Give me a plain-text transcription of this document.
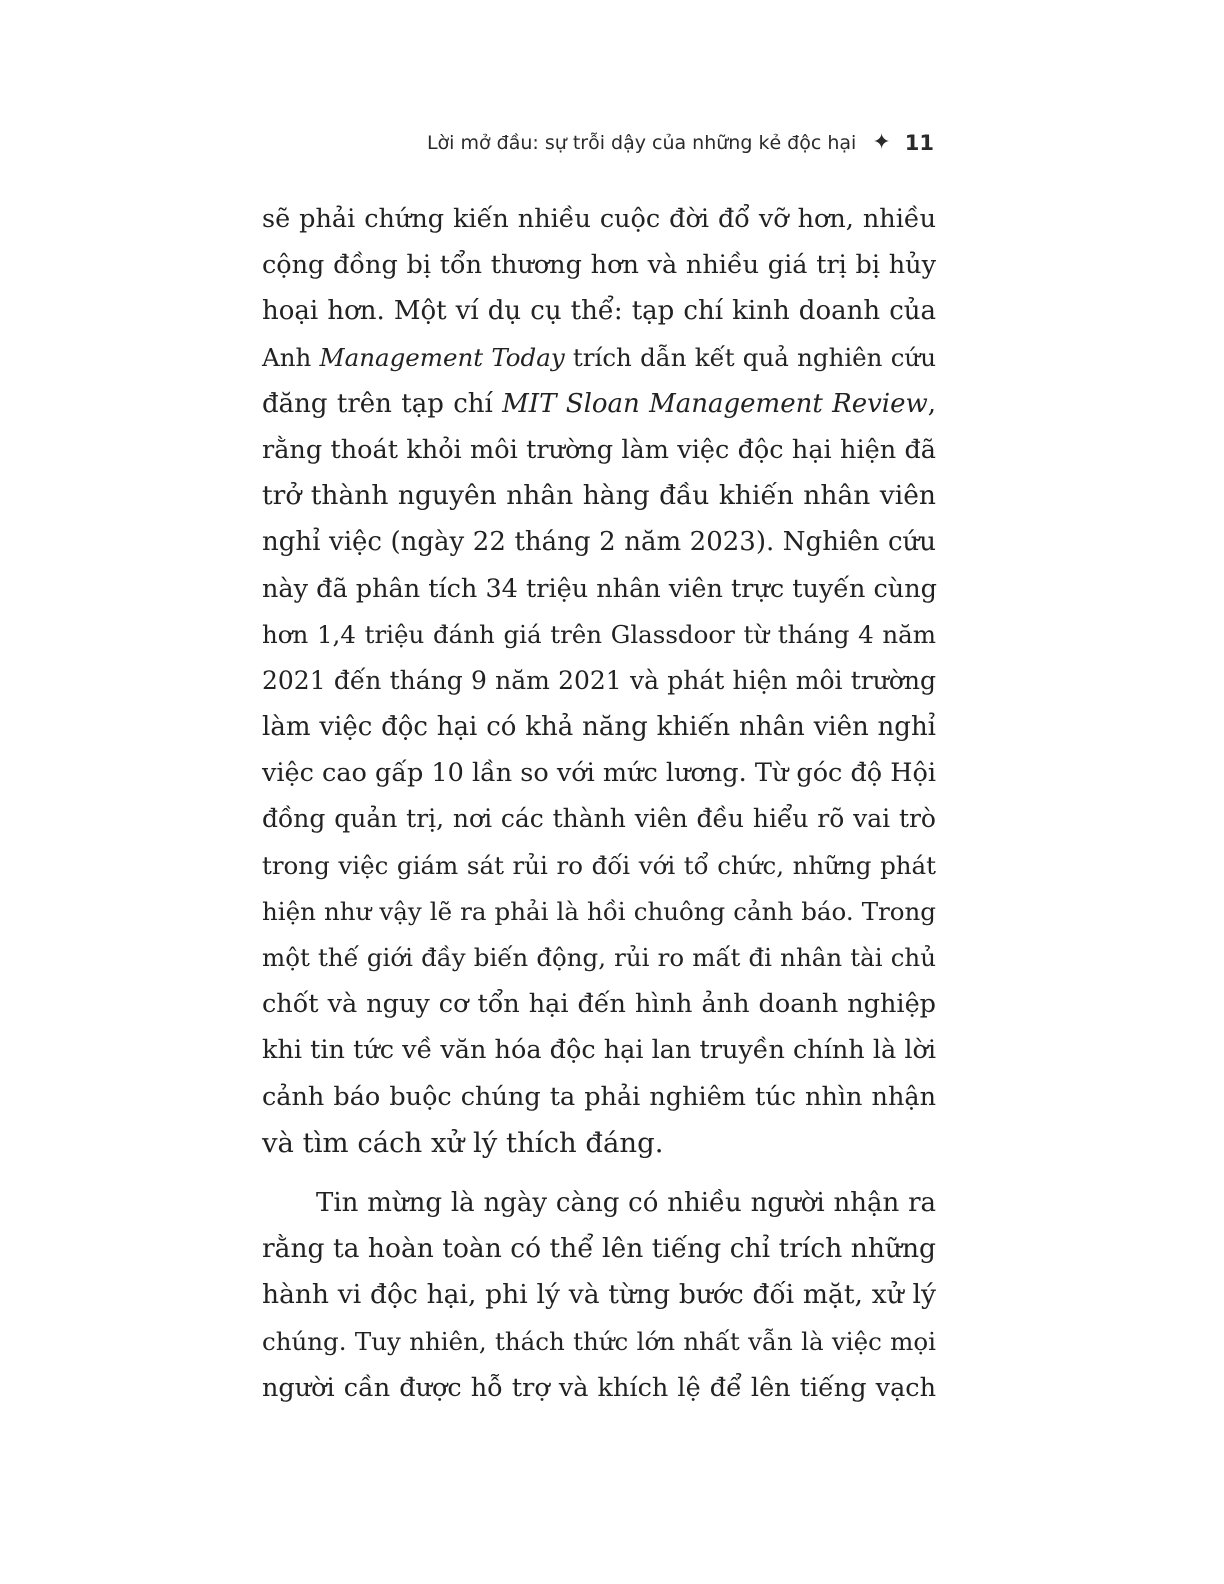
Lời mở đầu: sự trỗi dậy của những kẻ độc hại ✦ 11
sẽ phải chứng kiến nhiều cuộc đời đổ vỡ hơn, nhiều
cộng đồng bị tổn thương hơn và nhiều giá trị bị hủy
hoại hơn. Một ví dụ cụ thể: tạp chí kinh doanh của
Anh Management Today trích dẫn kết quả nghiên cứu
đăng trên tạp chí MIT Sloan Management Review,
rằng thoát khỏi môi trường làm việc độc hại hiện đã
trở thành nguyên nhân hàng đầu khiến nhân viên
nghỉ việc (ngày 22 tháng 2 năm 2023). Nghiên cứu
này đã phân tích 34 triệu nhân viên trực tuyến cùng
hơn 1,4 triệu đánh giá trên Glassdoor từ tháng 4 năm
2021 đến tháng 9 năm 2021 và phát hiện môi trường
làm việc độc hại có khả năng khiến nhân viên nghỉ
việc cao gấp 10 lần so với mức lương. Từ góc độ Hội
đồng quản trị, nơi các thành viên đều hiểu rõ vai trò
trong việc giám sát rủi ro đối với tổ chức, những phát
hiện như vậy lẽ ra phải là hồi chuông cảnh báo. Trong
một thế giới đầy biến động, rủi ro mất đi nhân tài chủ
chốt và nguy cơ tổn hại đến hình ảnh doanh nghiệp
khi tin tức về văn hóa độc hại lan truyền chính là lời
cảnh báo buộc chúng ta phải nghiêm túc nhìn nhận
và tìm cách xử lý thích đáng.
Tin mừng là ngày càng có nhiều người nhận ra
rằng ta hoàn toàn có thể lên tiếng chỉ trích những
hành vi độc hại, phi lý và từng bước đối mặt, xử lý
chúng. Tuy nhiên, thách thức lớn nhất vẫn là việc mọi
người cần được hỗ trợ và khích lệ để lên tiếng vạch
